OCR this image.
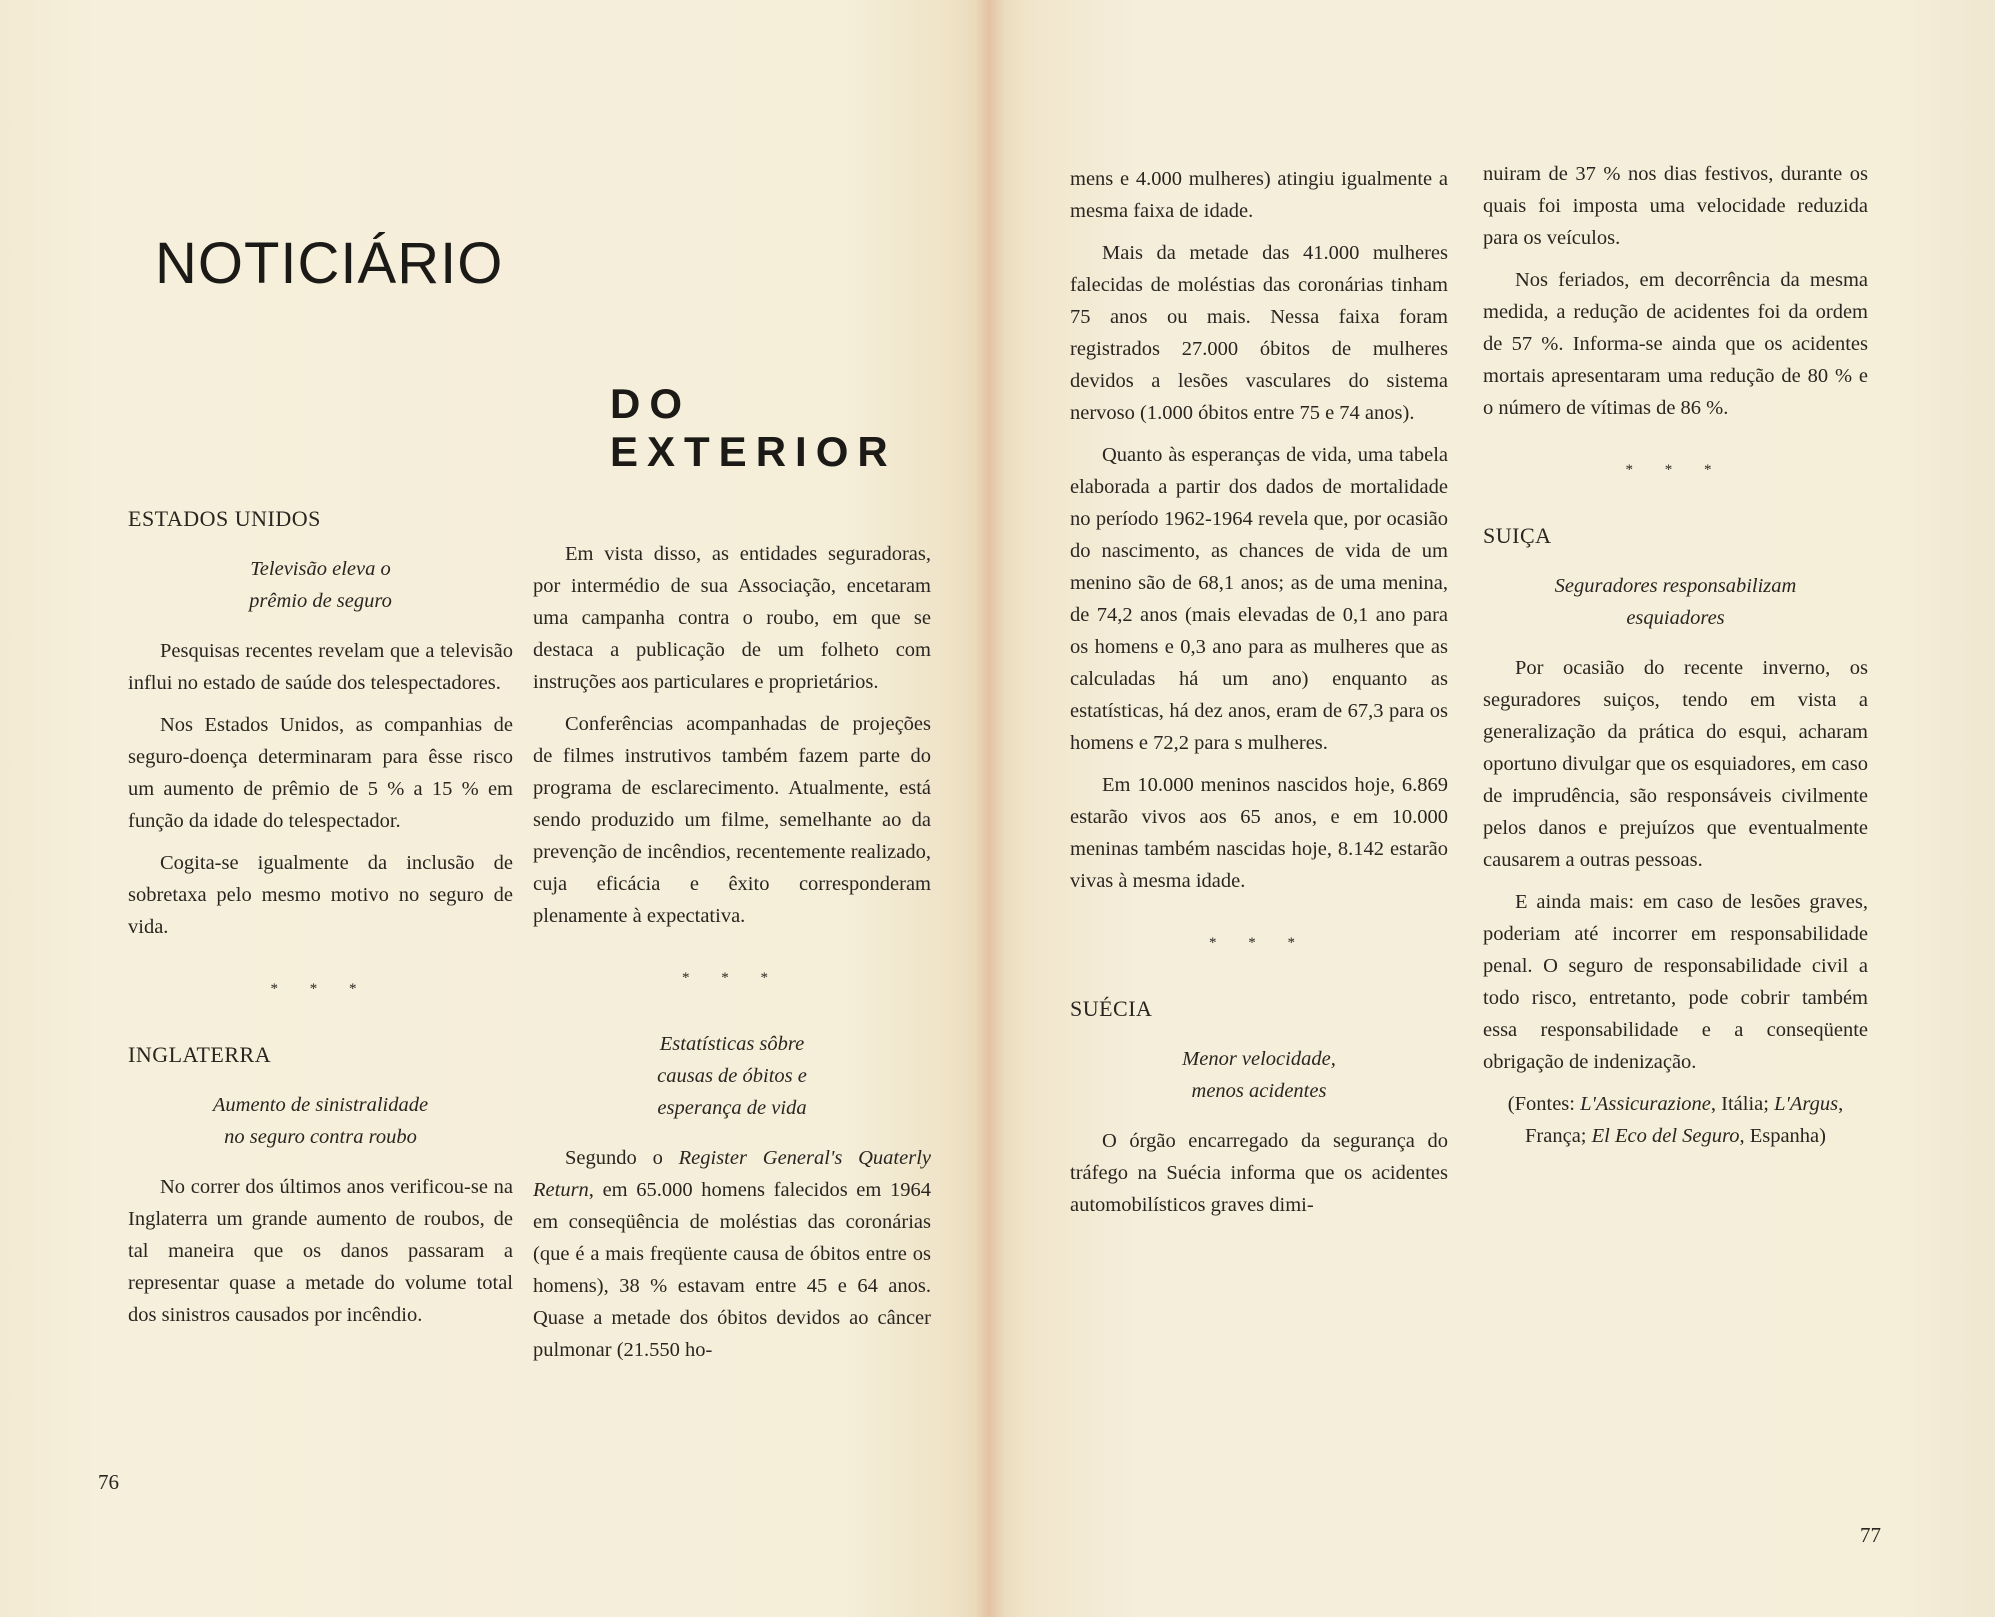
NOTICIÁRIO
DO EXTERIOR
ESTADOS UNIDOS
Televisão eleva o
prêmio de seguro

Pesquisas recentes revelam que a televisão influi no estado de saúde dos telespectadores.

Nos Estados Unidos, as companhias de seguro-doença determinaram para êsse risco um aumento de prêmio de 5 % a 15 % em função da idade do telespectador.

Cogita-se igualmente da inclusão de sobretaxa pelo mesmo motivo no seguro de vida.

* * *
INGLATERRA
Aumento de sinistralidade
no seguro contra roubo

No correr dos últimos anos verificou-se na Inglaterra um grande aumento de roubos, de tal maneira que os danos passaram a representar quase a metade do volume total dos sinistros causados por incêndio.

Em vista disso, as entidades seguradoras, por intermédio de sua Associação, encetaram uma campanha contra o roubo, em que se destaca a publicação de um folheto com instruções aos particulares e proprietários.

Conferências acompanhadas de projeções de filmes instrutivos também fazem parte do programa de esclarecimento. Atualmente, está sendo produzido um filme, semelhante ao da prevenção de incêndios, recentemente realizado, cuja eficácia e êxito corresponderam plenamente à expectativa.

* * *
Estatísticas sôbre
causas de óbitos e
esperança de vida

Segundo o Register General's Quaterly Return, em 65.000 homens falecidos em 1964 em conseqüência de moléstias das coronárias (que é a mais freqüente causa de óbitos entre os homens), 38 % estavam entre 45 e 64 anos. Quase a metade dos óbitos devidos ao câncer pulmonar (21.550 ho-

76

mens e 4.000 mulheres) atingiu igualmente a mesma faixa de idade.

Mais da metade das 41.000 mulheres falecidas de moléstias das coronárias tinham 75 anos ou mais. Nessa faixa foram registrados 27.000 óbitos de mulheres devidos a lesões vasculares do sistema nervoso (1.000 óbitos entre 75 e 74 anos).

Quanto às esperanças de vida, uma tabela elaborada a partir dos dados de mortalidade no período 1962-1964 revela que, por ocasião do nascimento, as chances de vida de um menino são de 68,1 anos; as de uma menina, de 74,2 anos (mais elevadas de 0,1 ano para os homens e 0,3 ano para as mulheres que as calculadas há um ano) enquanto as estatísticas, há dez anos, eram de 67,3 para os homens e 72,2 para s mulheres.

Em 10.000 meninos nascidos hoje, 6.869 estarão vivos aos 65 anos, e em 10.000 meninas também nascidas hoje, 8.142 estarão vivas à mesma idade.

* * *
SUÉCIA
Menor velocidade,
menos acidentes

O órgão encarregado da segurança do tráfego na Suécia informa que os acidentes automobilísticos graves dimi-

nuiram de 37 % nos dias festivos, durante os quais foi imposta uma velocidade reduzida para os veículos.

Nos feriados, em decorrência da mesma medida, a redução de acidentes foi da ordem de 57 %. Informa-se ainda que os acidentes mortais apresentaram uma redução de 80 % e o número de vítimas de 86 %.

* * *
SUIÇA
Seguradores responsabilizam
esquiadores

Por ocasião do recente inverno, os seguradores suiços, tendo em vista a generalização da prática do esqui, acharam oportuno divulgar que os esquiadores, em caso de imprudência, são responsáveis civilmente pelos danos e prejuízos que eventualmente causarem a outras pessoas.

E ainda mais: em caso de lesões graves, poderiam até incorrer em responsabilidade penal. O seguro de responsabilidade civil a todo risco, entretanto, pode cobrir também essa responsabilidade e a conseqüente obrigação de indenização.

(Fontes: L'Assicurazione, Itália; L'Argus, França; El Eco del Seguro, Espanha)

77
